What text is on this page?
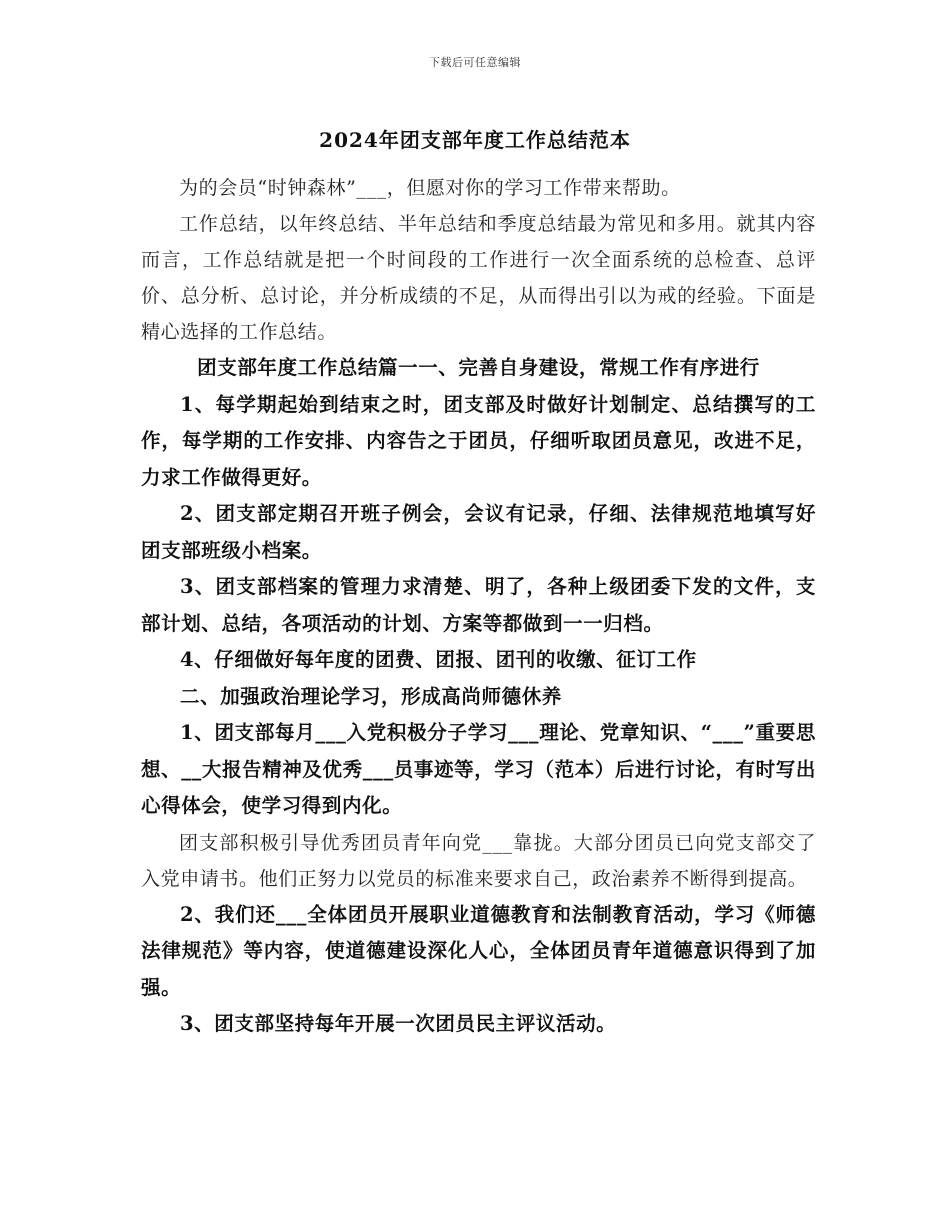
下载后可任意编辑
2024年团支部年度工作总结范本

为的会员“时钟森林”___，但愿对你的学习工作带来帮助。

工作总结，以年终总结、半年总结和季度总结最为常见和多用。就其内容而言，工作总结就是把一个时间段的工作进行一次全面系统的总检查、总评价、总分析、总讨论，并分析成绩的不足，从而得出引以为戒的经验。下面是精心选择的工作总结。

团支部年度工作总结篇一一、完善自身建设，常规工作有序进行

1、每学期起始到结束之时，团支部及时做好计划制定、总结撰写的工作，每学期的工作安排、内容告之于团员，仔细听取团员意见，改进不足，力求工作做得更好。

2、团支部定期召开班子例会，会议有记录，仔细、法律规范地填写好团支部班级小档案。

3、团支部档案的管理力求清楚、明了，各种上级团委下发的文件，支部计划、总结，各项活动的计划、方案等都做到一一归档。

4、仔细做好每年度的团费、团报、团刊的收缴、征订工作

二、加强政治理论学习，形成高尚师德休养

1、团支部每月___入党积极分子学习___理论、党章知识、“___”重要思想、__大报告精神及优秀___员事迹等，学习（范本）后进行讨论，有时写出心得体会，使学习得到内化。

团支部积极引导优秀团员青年向党___靠拢。大部分团员已向党支部交了入党申请书。他们正努力以党员的标准来要求自己，政治素养不断得到提高。

2、我们还___全体团员开展职业道德教育和法制教育活动，学习《师德法律规范》等内容，使道德建设深化人心，全体团员青年道德意识得到了加强。

3、团支部坚持每年开展一次团员民主评议活动。
